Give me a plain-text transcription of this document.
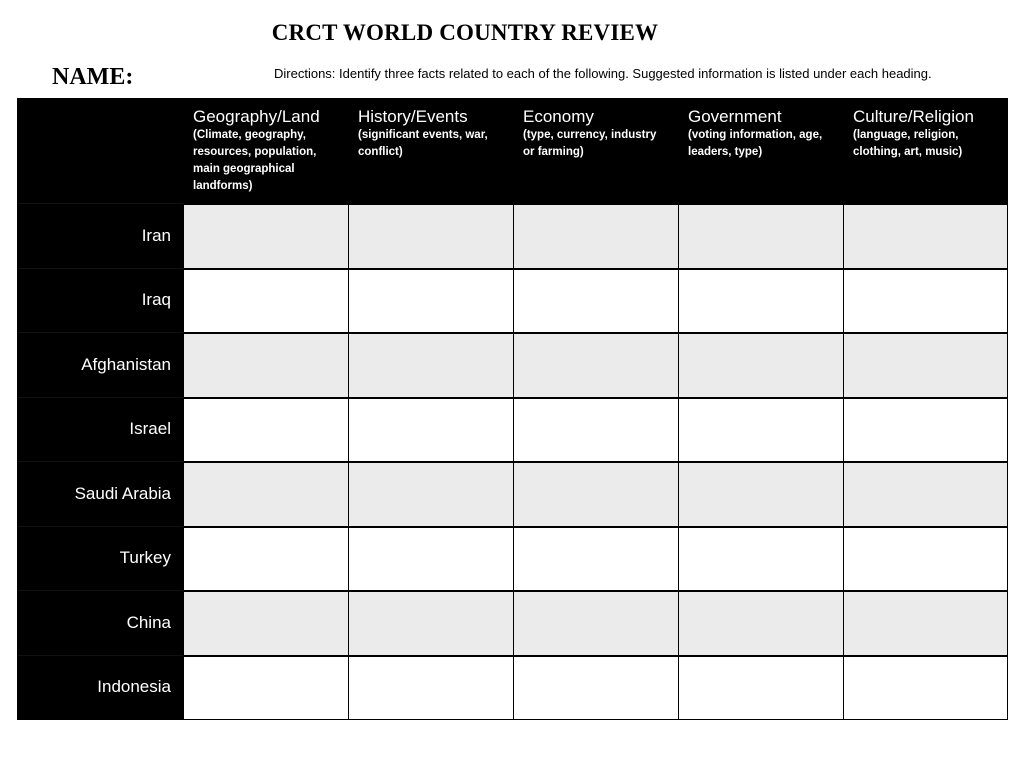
CRCT WORLD COUNTRY REVIEW
NAME:	Directions: Identify three facts related to each of the following. Suggested information is listed under each heading.
Geography/Land
(Climate, geography, resources, population, main geographical landforms)
History/Events
(significant events, war, conflict)
Economy
(type, currency, industry or farming)
Government
(voting information, age, leaders, type)
Culture/Religion
(language, religion, clothing, art, music)
Iran
Iraq
Afghanistan
Israel
Saudi Arabia
Turkey
China
Indonesia
